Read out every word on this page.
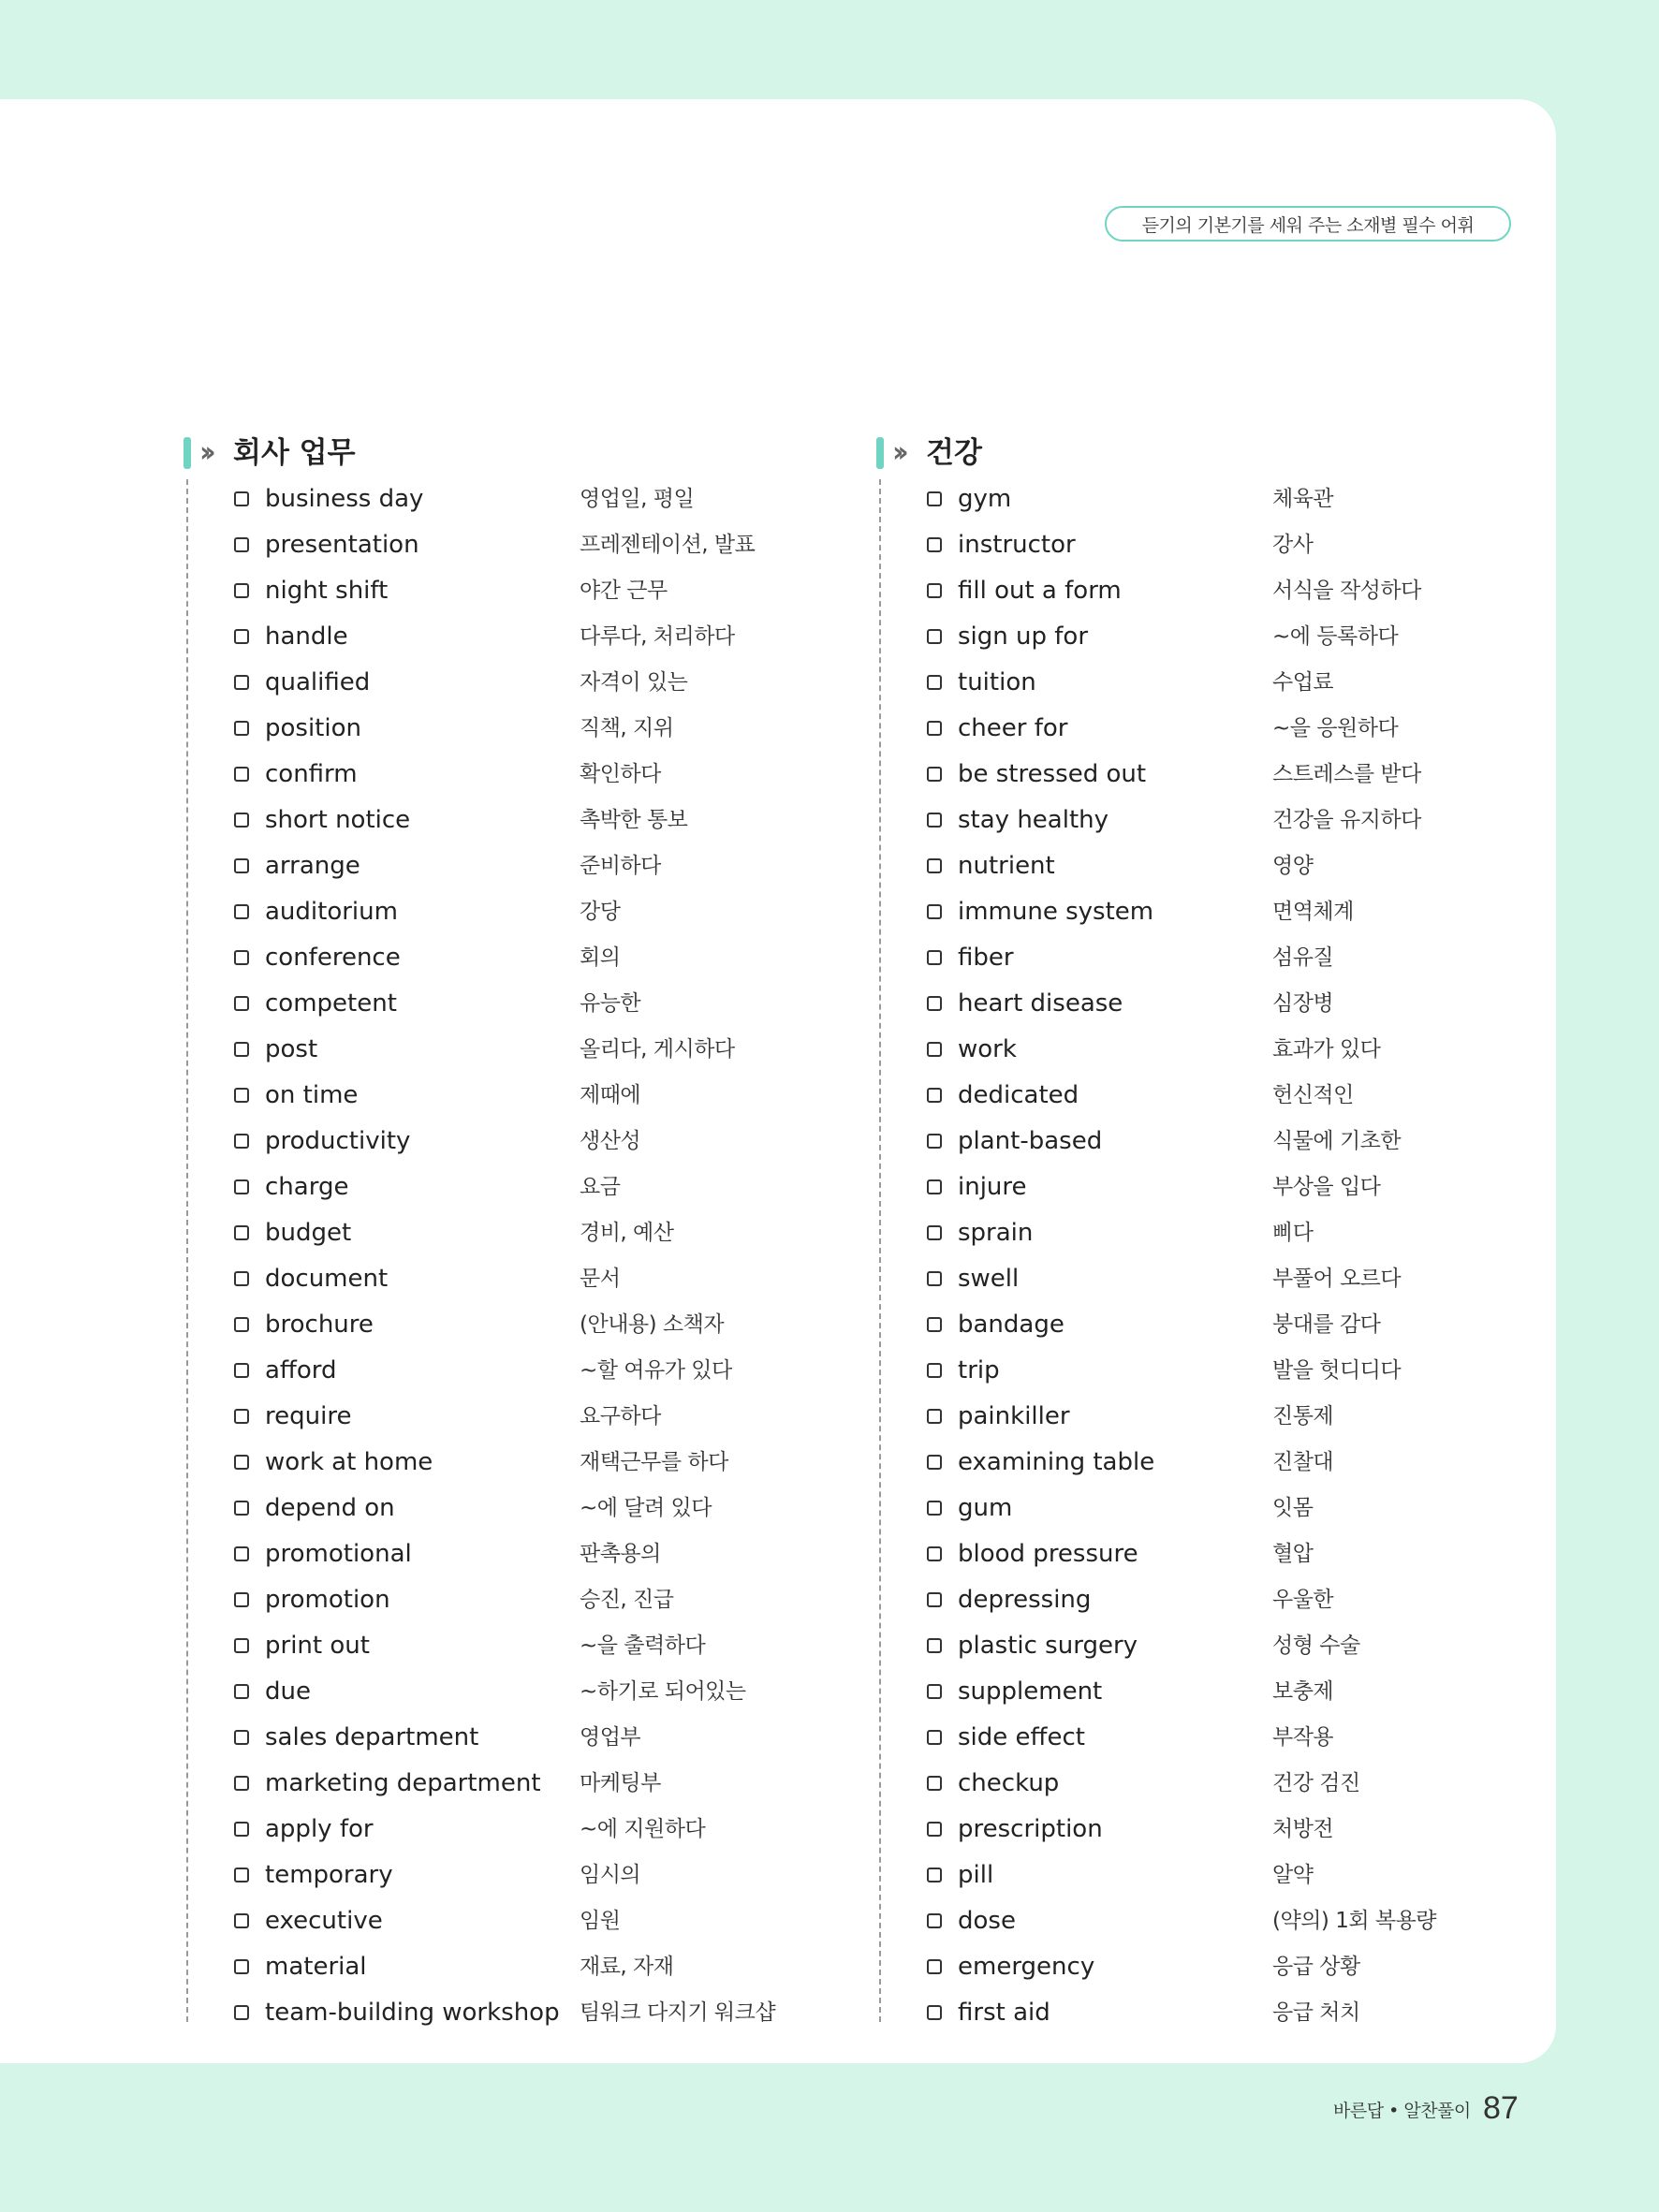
듣기의 기본기를 세워 주는 소재별 필수 어휘
›› 회사 업무
business day	영업일, 평일
presentation	프레젠테이션, 발표
night shift	야간 근무
handle	다루다, 처리하다
qualified	자격이 있는
position	직책, 지위
confirm	확인하다
short notice	촉박한 통보
arrange	준비하다
auditorium	강당
conference	회의
competent	유능한
post	올리다, 게시하다
on time	제때에
productivity	생산성
charge	요금
budget	경비, 예산
document	문서
brochure	(안내용) 소책자
afford	~할 여유가 있다
require	요구하다
work at home	재택근무를 하다
depend on	~에 달려 있다
promotional	판촉용의
promotion	승진, 진급
print out	~을 출력하다
due	~하기로 되어있는
sales department	영업부
marketing department 마케팅부
apply for	~에 지원하다
temporary	임시의
executive	임원
material	재료, 자재
team-building workshop 팀워크 다지기 워크샵
›› 건강
gym	체육관
instructor	강사
fill out a form	서식을 작성하다
sign up for	~에 등록하다
tuition	수업료
cheer for	~을 응원하다
be stressed out	스트레스를 받다
stay healthy	건강을 유지하다
nutrient	영양
immune system	면역체계
fiber	섬유질
heart disease	심장병
work	효과가 있다
dedicated	헌신적인
plant-based	식물에 기초한
injure	부상을 입다
sprain	삐다
swell	부풀어 오르다
bandage	붕대를 감다
trip	발을 헛디디다
painkiller	진통제
examining table	진찰대
gum	잇몸
blood pressure	혈압
depressing	우울한
plastic surgery	성형 수술
supplement	보충제
side effect	부작용
checkup	건강 검진
prescription	처방전
pill	알약
dose	(약의) 1회 복용량
emergency	응급 상황
first aid	응급 처치
바른답 • 알찬풀이 87
